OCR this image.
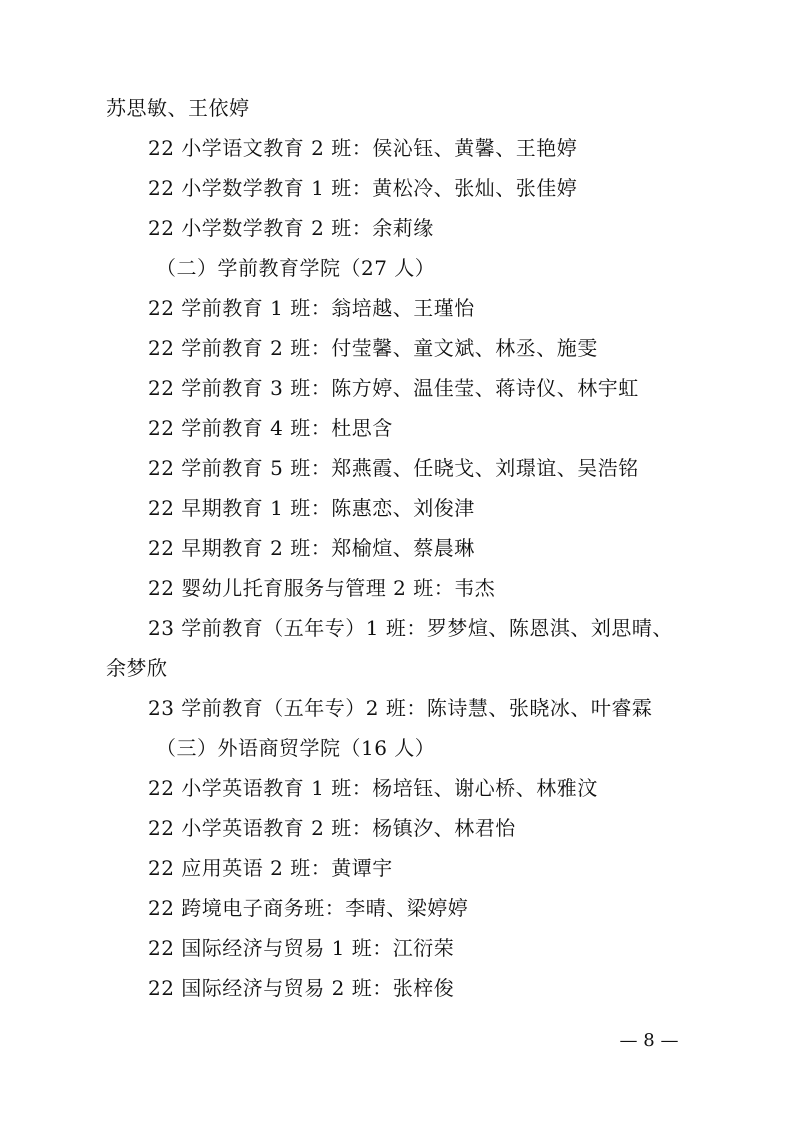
苏思敏、王依婷
22 小学语文教育 2 班：侯沁钰、黄馨、王艳婷
22 小学数学教育 1 班：黄松冷、张灿、张佳婷
22 小学数学教育 2 班：余莉缘
（二）学前教育学院（27 人）
22 学前教育 1 班：翁培越、王瑾怡
22 学前教育 2 班：付莹馨、童文斌、林丞、施雯
22 学前教育 3 班：陈方婷、温佳莹、蒋诗仪、林宇虹
22 学前教育 4 班：杜思含
22 学前教育 5 班：郑燕霞、任晓戈、刘璟谊、吴浩铭
22 早期教育 1 班：陈惠恋、刘俊津
22 早期教育 2 班：郑榆煊、蔡晨琳
22 婴幼儿托育服务与管理 2 班：韦杰
23 学前教育（五年专）1 班：罗梦煊、陈恩淇、刘思晴、
余梦欣
23 学前教育（五年专）2 班：陈诗慧、张晓冰、叶睿霖
（三）外语商贸学院（16 人）
22 小学英语教育 1 班：杨培钰、谢心桥、林雅汶
22 小学英语教育 2 班：杨镇汐、林君怡
22 应用英语 2 班：黄谭宇
22 跨境电子商务班：李晴、梁婷婷
22 国际经济与贸易 1 班：江衍荣
22 国际经济与贸易 2 班：张梓俊
— 8 —
